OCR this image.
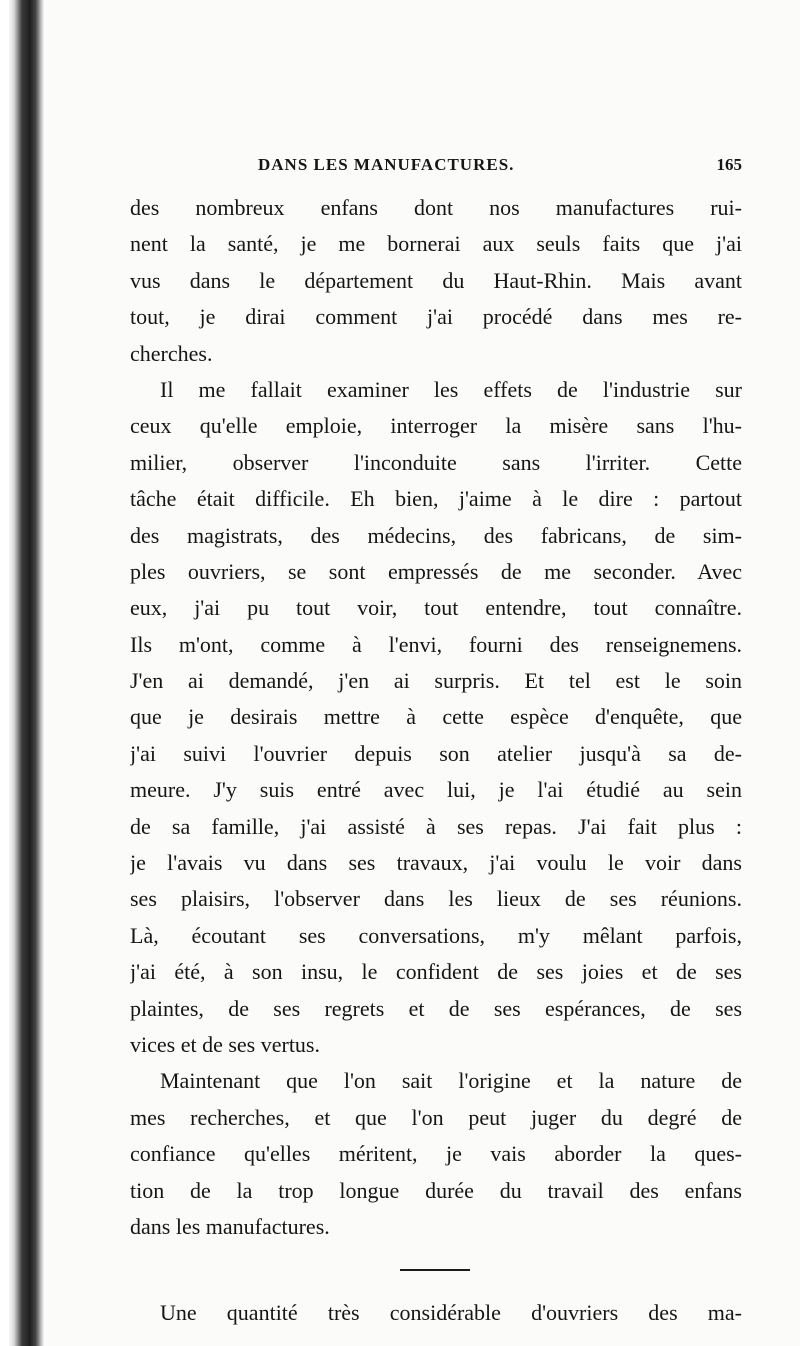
DANS LES MANUFACTURES.	165
des nombreux enfans dont nos manufactures rui-
nent la santé, je me bornerai aux seuls faits que j'ai
vus dans le département du Haut-Rhin. Mais avant
tout, je dirai comment j'ai procédé dans mes re-
cherches.
Il me fallait examiner les effets de l'industrie sur
ceux qu'elle emploie, interroger la misère sans l'hu-
milier, observer l'inconduite sans l'irriter. Cette
tâche était difficile. Eh bien, j'aime à le dire : partout
des magistrats, des médecins, des fabricans, de sim-
ples ouvriers, se sont empressés de me seconder. Avec
eux, j'ai pu tout voir, tout entendre, tout connaître.
Ils m'ont, comme à l'envi, fourni des renseignemens.
J'en ai demandé, j'en ai surpris. Et tel est le soin
que je desirais mettre à cette espèce d'enquête, que
j'ai suivi l'ouvrier depuis son atelier jusqu'à sa de-
meure. J'y suis entré avec lui, je l'ai étudié au sein
de sa famille, j'ai assisté à ses repas. J'ai fait plus :
je l'avais vu dans ses travaux, j'ai voulu le voir dans
ses plaisirs, l'observer dans les lieux de ses réunions.
Là, écoutant ses conversations, m'y mêlant parfois,
j'ai été, à son insu, le confident de ses joies et de ses
plaintes, de ses regrets et de ses espérances, de ses
vices et de ses vertus.
Maintenant que l'on sait l'origine et la nature de
mes recherches, et que l'on peut juger du degré de
confiance qu'elles méritent, je vais aborder la ques-
tion de la trop longue durée du travail des enfans
dans les manufactures.
Une quantité très considérable d'ouvriers des ma-
